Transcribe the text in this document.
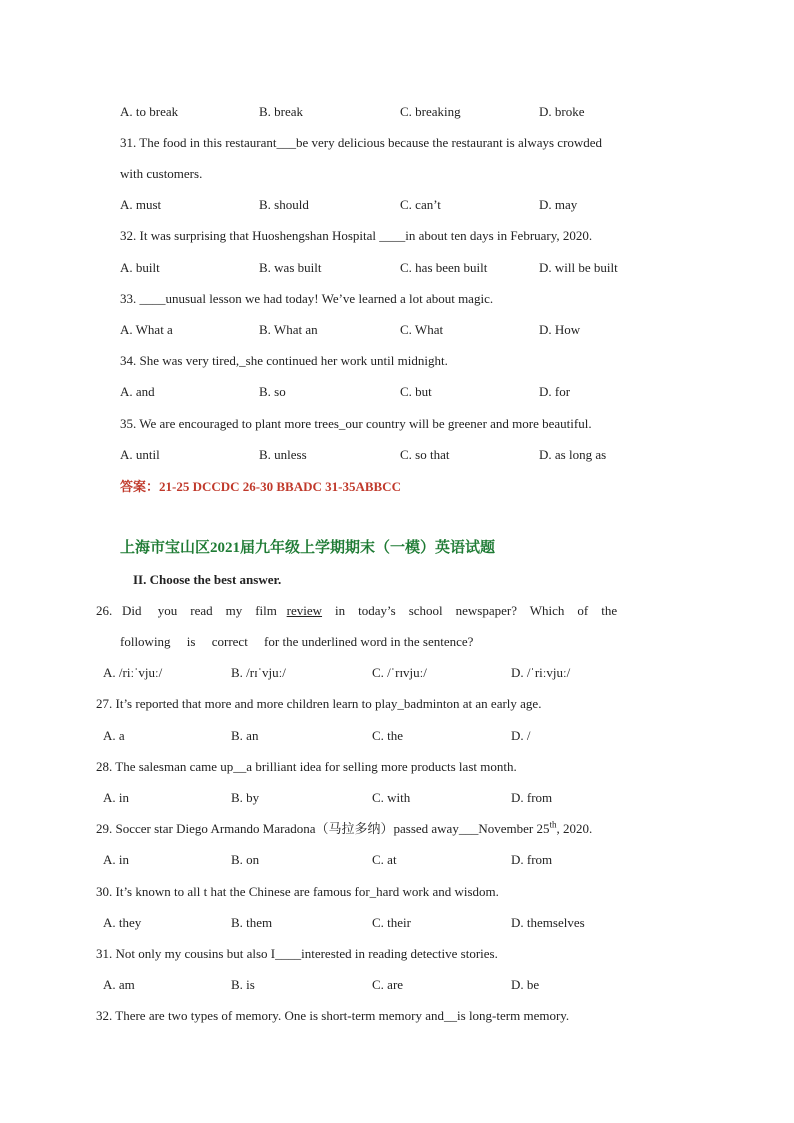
A. to break	B. break	C. breaking	D. broke
31. The food in this restaurant___be very delicious because the restaurant is always crowded
with customers.
A. must	B. should	C. can’t	D. may
32. It was surprising that Huoshengshan Hospital ____in about ten days in February, 2020.
A. built	B. was built	C. has been built	D. will be built
33. ____unusual lesson we had today! We’ve learned a lot about magic.
A. What a	B. What an	C. What	D. How
34. She was very tired,_she continued her work until midnight.
A. and	B. so	C. but	D. for
35. We are encouraged to plant more trees_our country will be greener and more beautiful.
A. until	B. unless	C. so that	D. as long as
答案：21-25 DCCDC 26-30 BBADC 31-35ABBCC
上海市宝山区2021届九年级上学期期末（一模）英语试题
II. Choose the best answer.
26.   Did     you    read    my    film   review    in    today’s    school    newspaper?    Which    of    the
following     is     correct     for the underlined word in the sentence?
A. /riːˈvjuː/	B. /rɪˈvjuː/	C. /ˈrɪvjuː/	D. /ˈriːvjuː/
27. It’s reported that more and more children learn to play_badminton at an early age.
A. a	B. an	C. the	D. /
28. The salesman came up__a brilliant idea for selling more products last month.
A. in	B. by	C. with	D. from
29. Soccer star Diego Armando Maradona（马拉多纳）passed away___November 25th, 2020.
A. in	B. on	C. at	D. from
30. It’s known to all t hat the Chinese are famous for_hard work and wisdom.
A. they	B. them	C. their	D. themselves
31. Not only my cousins but also I____interested in reading detective stories.
A. am	B. is	C. are	D. be
32. There are two types of memory. One is short-term memory and__is long-term memory.
